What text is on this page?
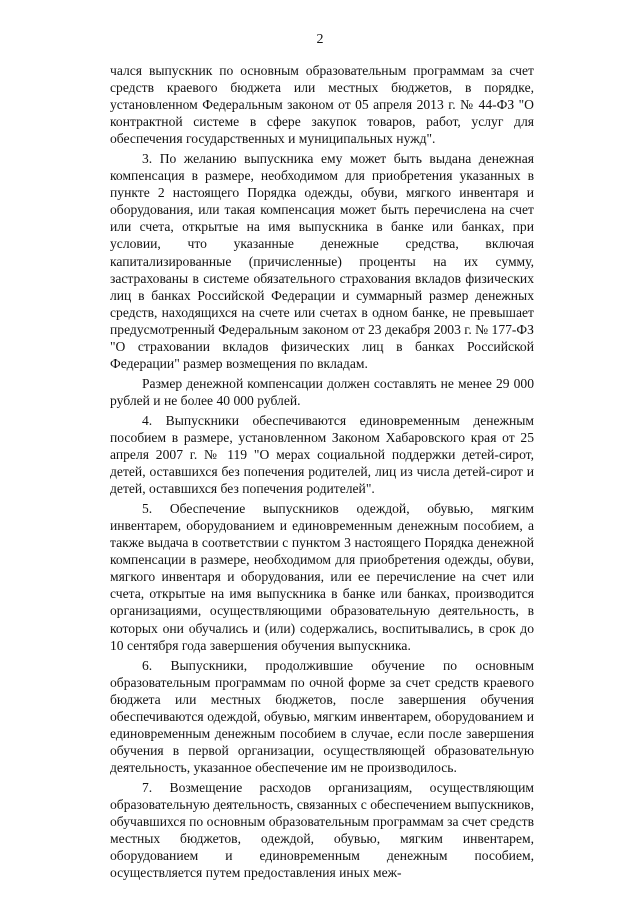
2

чался выпускник по основным образовательным программам за счет средств краевого бюджета или местных бюджетов, в порядке, установленном Федеральным законом от 05 апреля 2013 г. № 44-ФЗ "О контрактной системе в сфере закупок товаров, работ, услуг для обеспечения государственных и муниципальных нужд".

3. По желанию выпускника ему может быть выдана денежная компенсация в размере, необходимом для приобретения указанных в пункте 2 настоящего Порядка одежды, обуви, мягкого инвентаря и оборудования, или такая компенсация может быть перечислена на счет или счета, открытые на имя выпускника в банке или банках, при условии, что указанные денежные средства, включая капитализированные (причисленные) проценты на их сумму, застрахованы в системе обязательного страхования вкладов физических лиц в банках Российской Федерации и суммарный размер денежных средств, находящихся на счете или счетах в одном банке, не превышает предусмотренный Федеральным законом от 23 декабря 2003 г. № 177-ФЗ "О страховании вкладов физических лиц в банках Российской Федерации" размер возмещения по вкладам.

Размер денежной компенсации должен составлять не менее 29 000 рублей и не более 40 000 рублей.

4. Выпускники обеспечиваются единовременным денежным пособием в размере, установленном Законом Хабаровского края от 25 апреля 2007 г. № 119 "О мерах социальной поддержки детей-сирот, детей, оставшихся без попечения родителей, лиц из числа детей-сирот и детей, оставшихся без попечения родителей".

5. Обеспечение выпускников одеждой, обувью, мягким инвентарем, оборудованием и единовременным денежным пособием, а также выдача в соответствии с пунктом 3 настоящего Порядка денежной компенсации в размере, необходимом для приобретения одежды, обуви, мягкого инвентаря и оборудования, или ее перечисление на счет или счета, открытые на имя выпускника в банке или банках, производится организациями, осуществляющими образовательную деятельность, в которых они обучались и (или) содержались, воспитывались, в срок до 10 сентября года завершения обучения выпускника.

6. Выпускники, продолжившие обучение по основным образовательным программам по очной форме за счет средств краевого бюджета или местных бюджетов, после завершения обучения обеспечиваются одеждой, обувью, мягким инвентарем, оборудованием и единовременным денежным пособием в случае, если после завершения обучения в первой организации, осуществляющей образовательную деятельность, указанное обеспечение им не производилось.

7. Возмещение расходов организациям, осуществляющим образовательную деятельность, связанных с обеспечением выпускников, обучавшихся по основным образовательным программам за счет средств местных бюджетов, одеждой, обувью, мягким инвентарем, оборудованием и единовременным денежным пособием, осуществляется путем предоставления иных меж-
